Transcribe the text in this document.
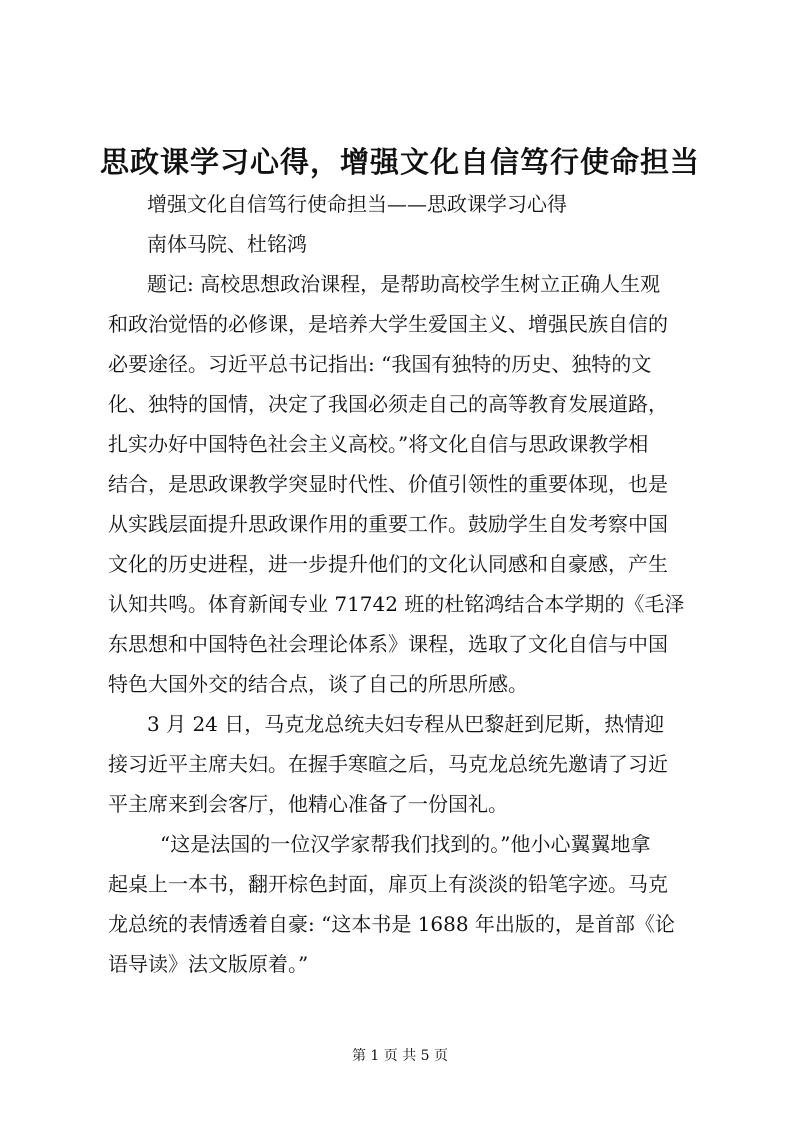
思政课学习心得，增强文化自信笃行使命担当

增强文化自信笃行使命担当——思政课学习心得

南体马院、杜铭鸿

题记: 高校思想政治课程，是帮助高校学生树立正确人生观

和政治觉悟的必修课，是培养大学生爱国主义、增强民族自信的

必要途径。习近平总书记指出: “我国有独特的历史、独特的文

化、独特的国情，决定了我国必须走自己的高等教育发展道路，

扎实办好中国特色社会主义高校。”将文化自信与思政课教学相

结合，是思政课教学突显时代性、价值引领性的重要体现，也是

从实践层面提升思政课作用的重要工作。鼓励学生自发考察中国

文化的历史进程，进一步提升他们的文化认同感和自豪感，产生

认知共鸣。体育新闻专业 71742 班的杜铭鸿结合本学期的《毛泽

东思想和中国特色社会理论体系》课程，选取了文化自信与中国

特色大国外交的结合点，谈了自己的所思所感。

3 月 24 日，马克龙总统夫妇专程从巴黎赶到尼斯，热情迎

接习近平主席夫妇。在握手寒暄之后，马克龙总统先邀请了习近

平主席来到会客厅，他精心准备了一份国礼。

“这是法国的一位汉学家帮我们找到的。”他小心翼翼地拿

起桌上一本书，翻开棕色封面，扉页上有淡淡的铅笔字迹。马克

龙总统的表情透着自豪: “这本书是 1688 年出版的，是首部《论

语导读》法文版原着。”

第 1 页 共 5 页
